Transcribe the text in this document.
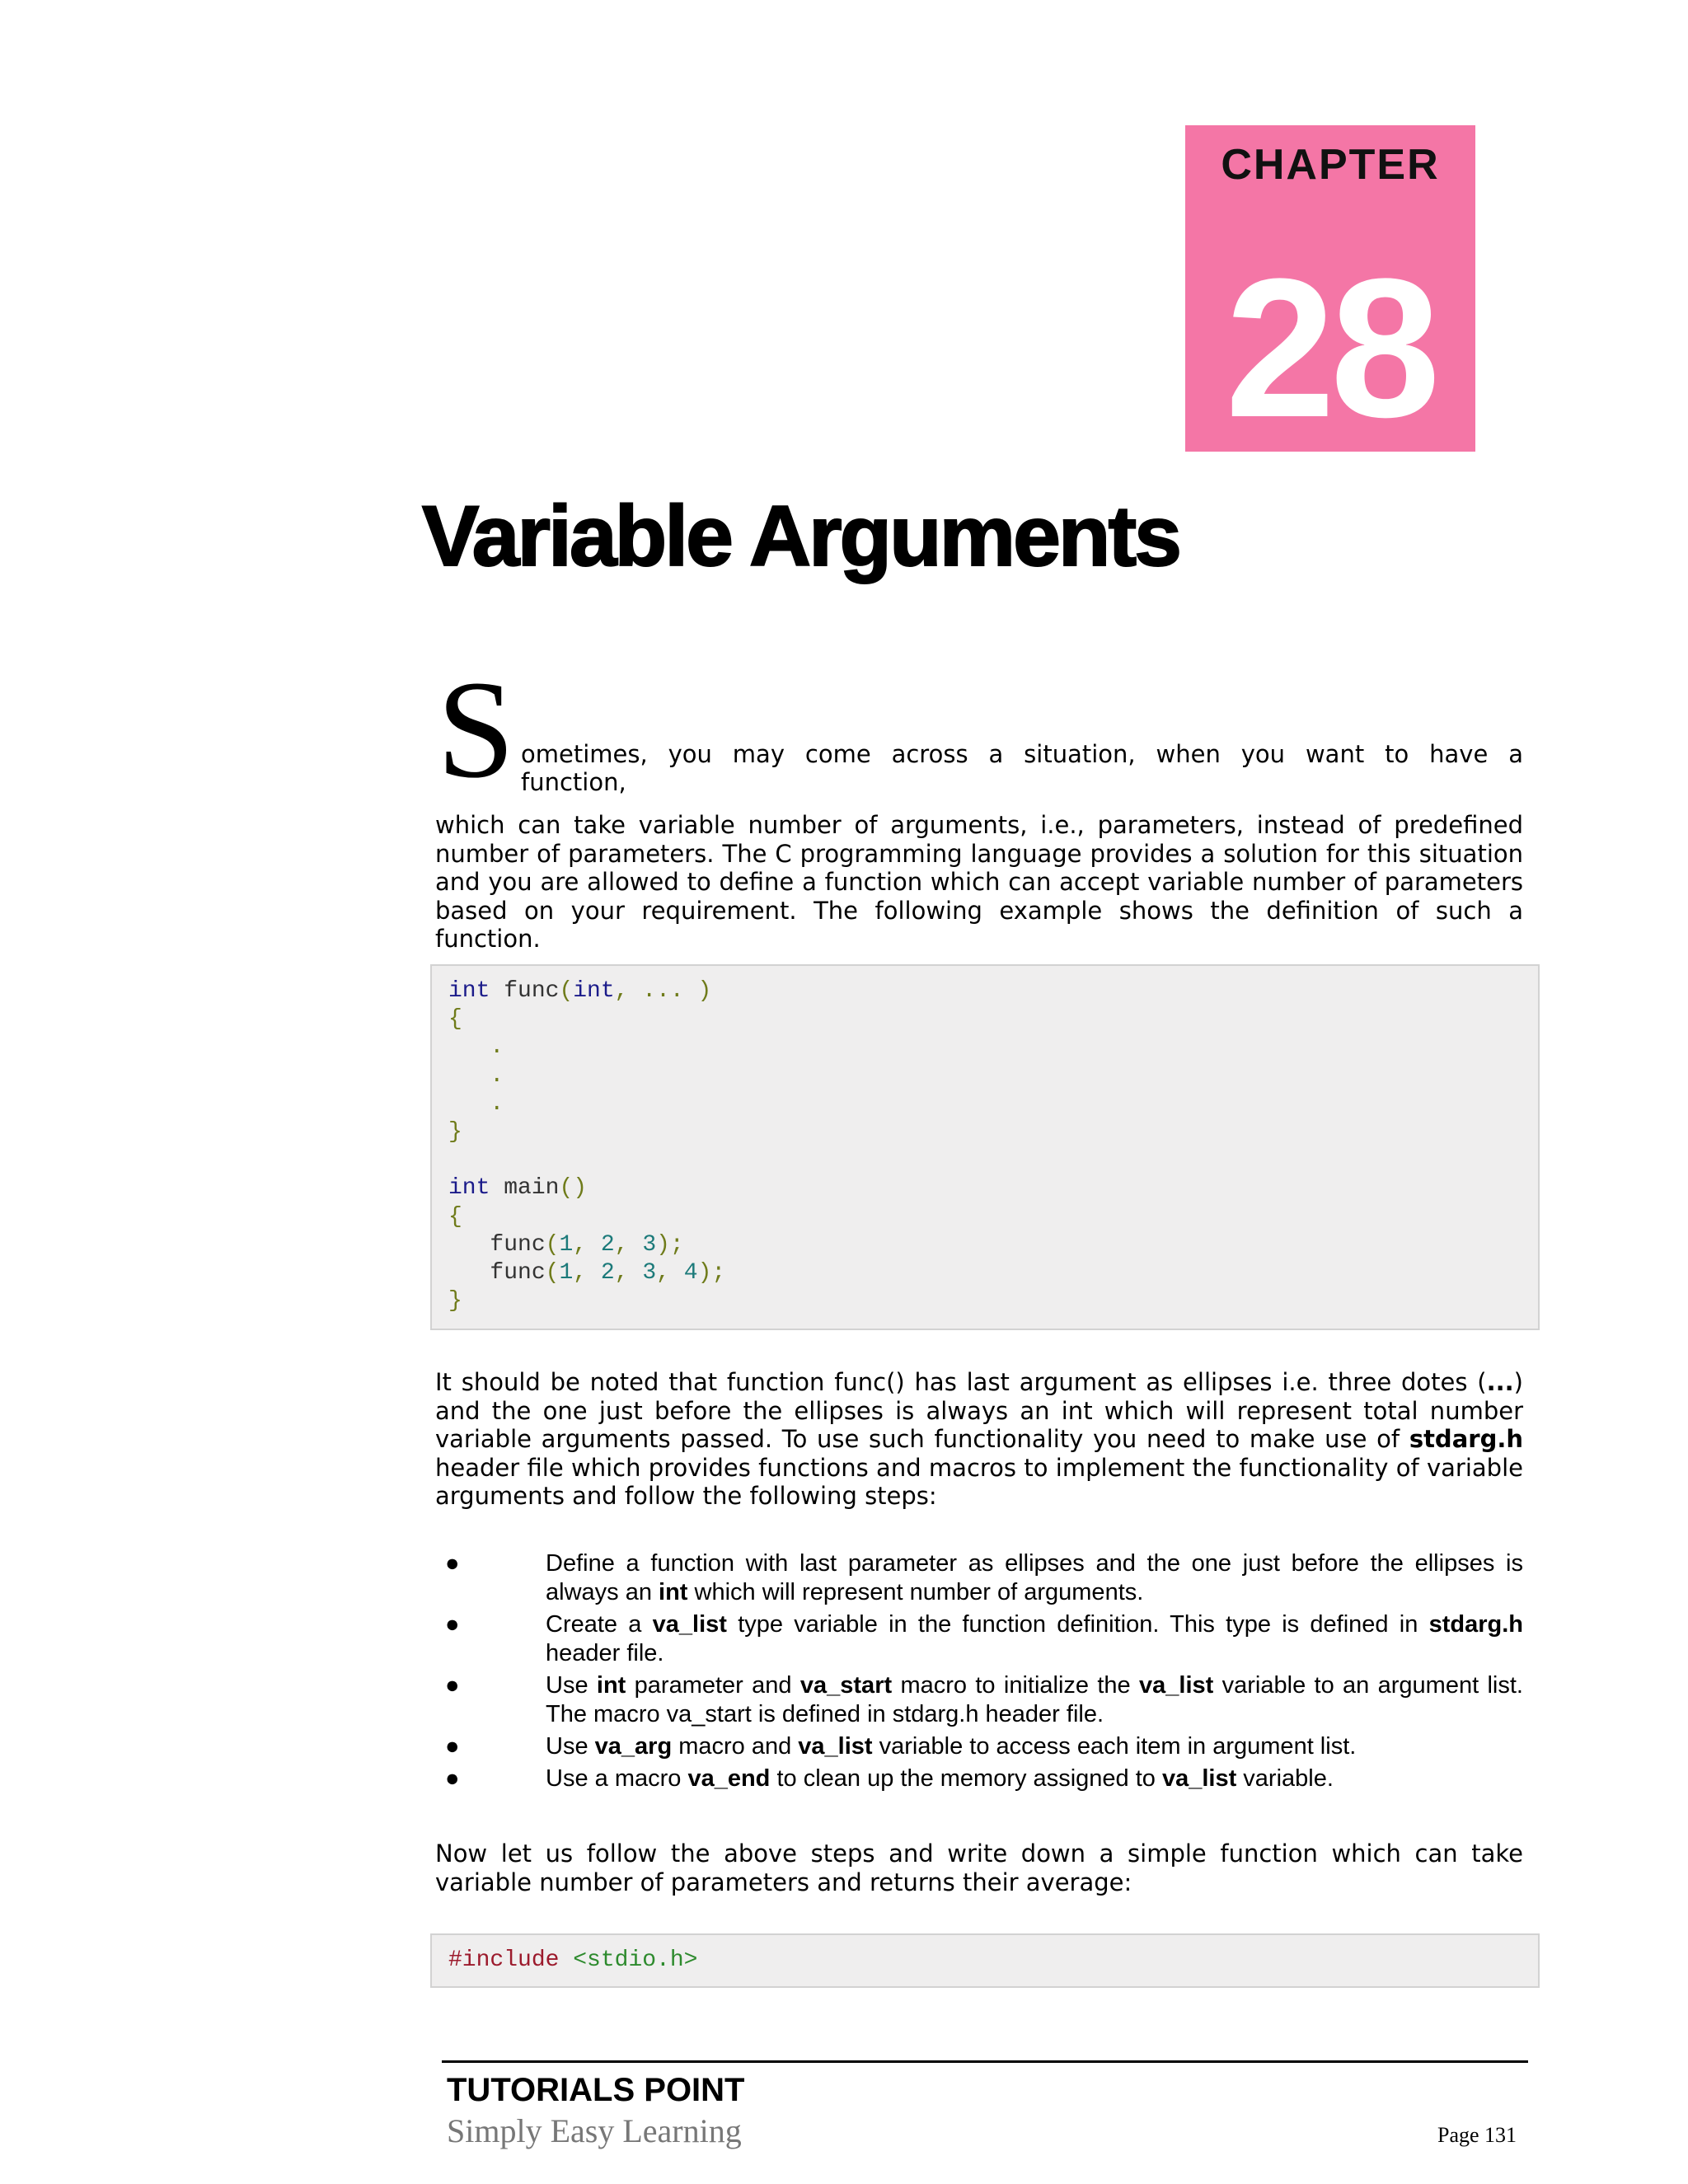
CHAPTER
28
Variable Arguments
S ometimes, you may come across a situation, when you want to have a function,
which can take variable number of arguments, i.e., parameters, instead of predefined number of parameters. The C programming language provides a solution for this situation and you are allowed to define a function which can accept variable number of parameters based on your requirement. The following example shows the definition of such a function.
int func(int, ... )
{
.
.
.
}

int main()
{
func(1, 2, 3);
func(1, 2, 3, 4);
}
It should be noted that function func() has last argument as ellipses i.e. three dotes (...) and the one just before the ellipses is always an int which will represent total number variable arguments passed. To use such functionality you need to make use of stdarg.h header file which provides functions and macros to implement the functionality of variable arguments and follow the following steps:
●	Define a function with last parameter as ellipses and the one just before the ellipses is always an int which will represent number of arguments.
●	Create a va_list type variable in the function definition. This type is defined in stdarg.h header file.
●	Use int parameter and va_start macro to initialize the va_list variable to an argument list. The macro va_start is defined in stdarg.h header file.
●	Use va_arg macro and va_list variable to access each item in argument list.
●	Use a macro va_end to clean up the memory assigned to va_list variable.
Now let us follow the above steps and write down a simple function which can take variable number of parameters and returns their average:
#include <stdio.h>
TUTORIALS POINT
Simply Easy Learning	Page 131
